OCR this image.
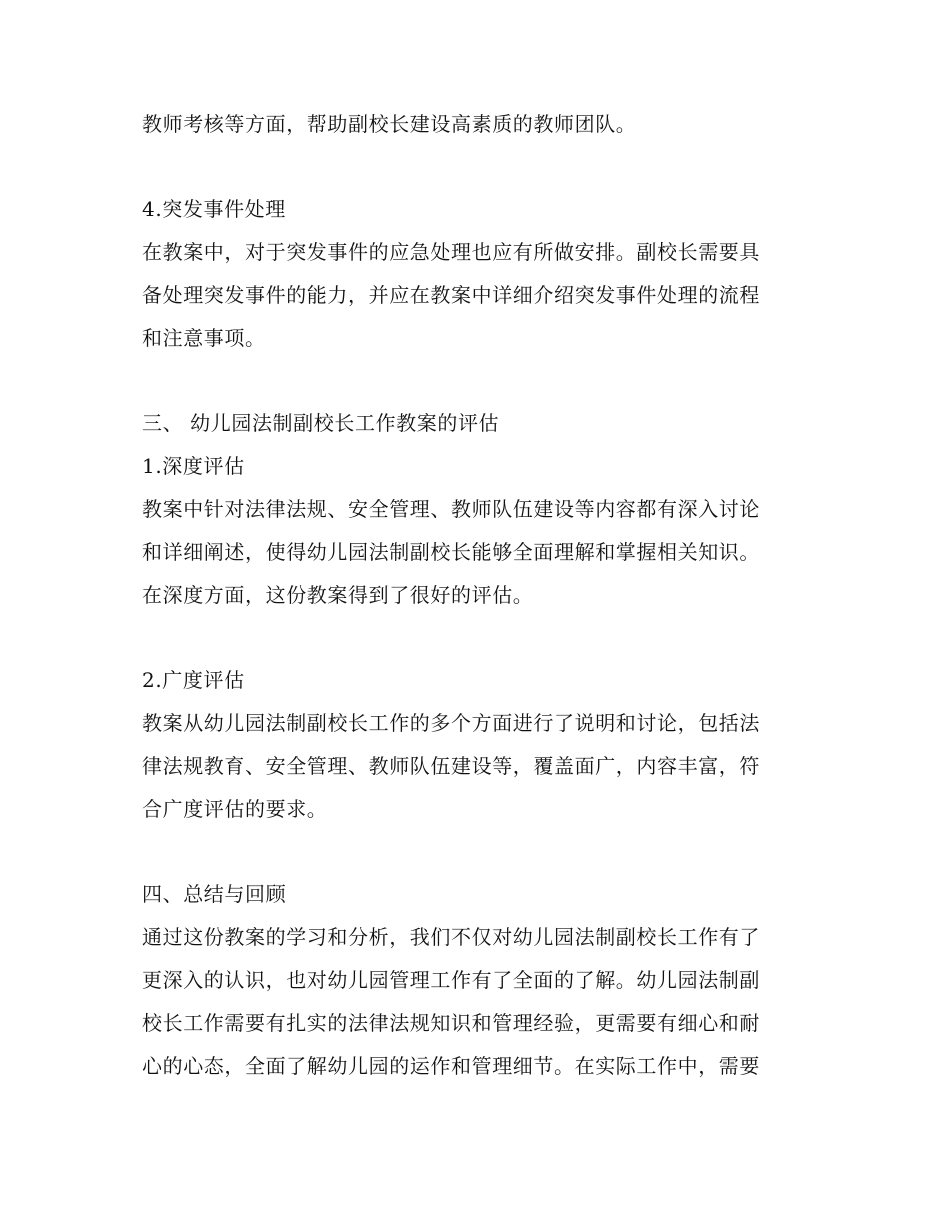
教师考核等方面，帮助副校长建设高素质的教师团队。
4.突发事件处理
在教案中，对于突发事件的应急处理也应有所做安排。副校长需要具
备处理突发事件的能力，并应在教案中详细介绍突发事件处理的流程
和注意事项。
三、 幼儿园法制副校长工作教案的评估
1.深度评估
教案中针对法律法规、安全管理、教师队伍建设等内容都有深入讨论
和详细阐述，使得幼儿园法制副校长能够全面理解和掌握相关知识。
在深度方面，这份教案得到了很好的评估。
2.广度评估
教案从幼儿园法制副校长工作的多个方面进行了说明和讨论，包括法
律法规教育、安全管理、教师队伍建设等，覆盖面广，内容丰富，符
合广度评估的要求。
四、总结与回顾
通过这份教案的学习和分析，我们不仅对幼儿园法制副校长工作有了
更深入的认识，也对幼儿园管理工作有了全面的了解。幼儿园法制副
校长工作需要有扎实的法律法规知识和管理经验，更需要有细心和耐
心的心态，全面了解幼儿园的运作和管理细节。在实际工作中，需要
